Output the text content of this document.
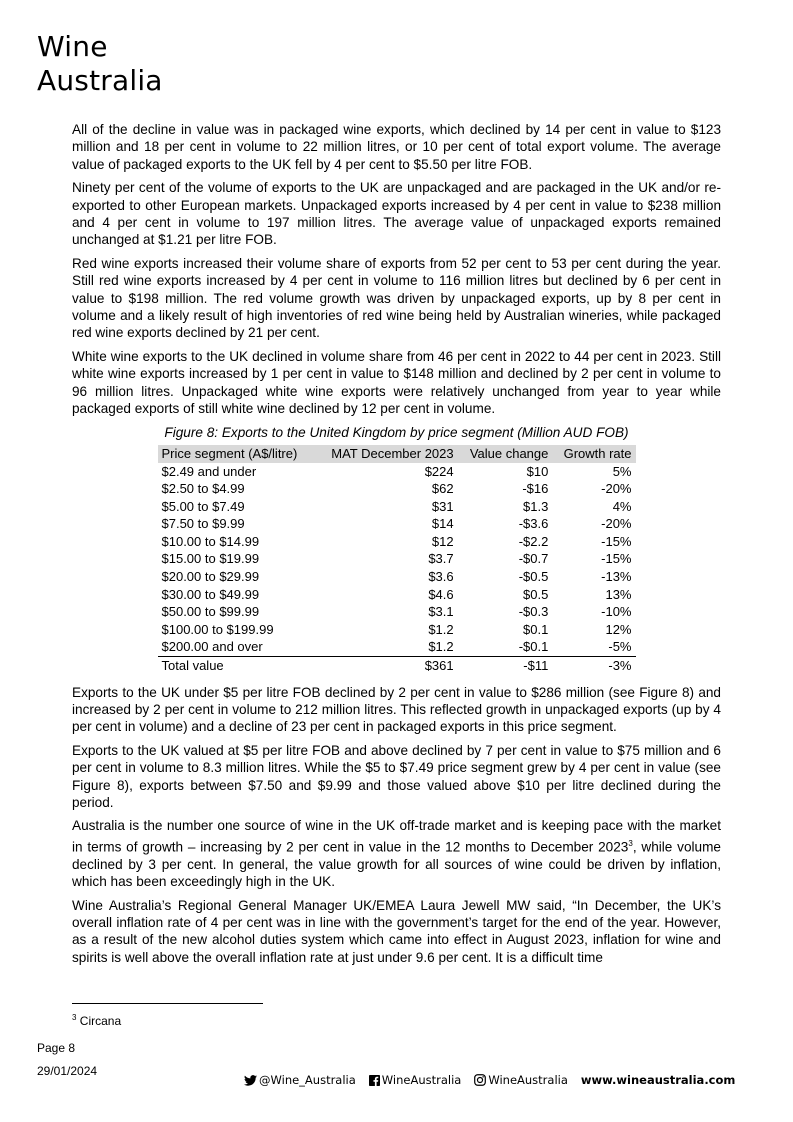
Wine
Australia

All of the decline in value was in packaged wine exports, which declined by 14 per cent in value to $123 million and 18 per cent in volume to 22 million litres, or 10 per cent of total export volume. The average value of packaged exports to the UK fell by 4 per cent to $5.50 per litre FOB.

Ninety per cent of the volume of exports to the UK are unpackaged and are packaged in the UK and/or re-exported to other European markets. Unpackaged exports increased by 4 per cent in value to $238 million and 4 per cent in volume to 197 million litres. The average value of unpackaged exports remained unchanged at $1.21 per litre FOB.

Red wine exports increased their volume share of exports from 52 per cent to 53 per cent during the year. Still red wine exports increased by 4 per cent in volume to 116 million litres but declined by 6 per cent in value to $198 million. The red volume growth was driven by unpackaged exports, up by 8 per cent in volume and a likely result of high inventories of red wine being held by Australian wineries, while packaged red wine exports declined by 21 per cent.

White wine exports to the UK declined in volume share from 46 per cent in 2022 to 44 per cent in 2023. Still white wine exports increased by 1 per cent in value to $148 million and declined by 2 per cent in volume to 96 million litres. Unpackaged white wine exports were relatively unchanged from year to year while packaged exports of still white wine declined by 12 per cent in volume.

Figure 8: Exports to the United Kingdom by price segment (Million AUD FOB)
Price segment (A$/litre)	MAT December 2023	Value change	Growth rate
$2.49 and under	$224	$10	5%
$2.50 to $4.99	$62	-$16	-20%
$5.00 to $7.49	$31	$1.3	4%
$7.50 to $9.99	$14	-$3.6	-20%
$10.00 to $14.99	$12	-$2.2	-15%
$15.00 to $19.99	$3.7	-$0.7	-15%
$20.00 to $29.99	$3.6	-$0.5	-13%
$30.00 to $49.99	$4.6	$0.5	13%
$50.00 to $99.99	$3.1	-$0.3	-10%
$100.00 to $199.99	$1.2	$0.1	12%
$200.00 and over	$1.2	-$0.1	-5%
Total value	$361	-$11	-3%

Exports to the UK under $5 per litre FOB declined by 2 per cent in value to $286 million (see Figure 8) and increased by 2 per cent in volume to 212 million litres. This reflected growth in unpackaged exports (up by 4 per cent in volume) and a decline of 23 per cent in packaged exports in this price segment.

Exports to the UK valued at $5 per litre FOB and above declined by 7 per cent in value to $75 million and 6 per cent in volume to 8.3 million litres. While the $5 to $7.49 price segment grew by 4 per cent in value (see Figure 8), exports between $7.50 and $9.99 and those valued above $10 per litre declined during the period.

Australia is the number one source of wine in the UK off-trade market and is keeping pace with the market in terms of growth – increasing by 2 per cent in value in the 12 months to December 2023$^3$, while volume declined by 3 per cent. In general, the value growth for all sources of wine could be driven by inflation, which has been exceedingly high in the UK.

Wine Australia’s Regional General Manager UK/EMEA Laura Jewell MW said, “In December, the UK’s overall inflation rate of 4 per cent was in line with the government’s target for the end of the year. However, as a result of the new alcohol duties system which came into effect in August 2023, inflation for wine and spirits is well above the overall inflation rate at just under 9.6 per cent. It is a difficult time

$^3$ Circana
Page 8
29/01/2024
@Wine_Australia WineAustralia WineAustralia www.wineaustralia.com
